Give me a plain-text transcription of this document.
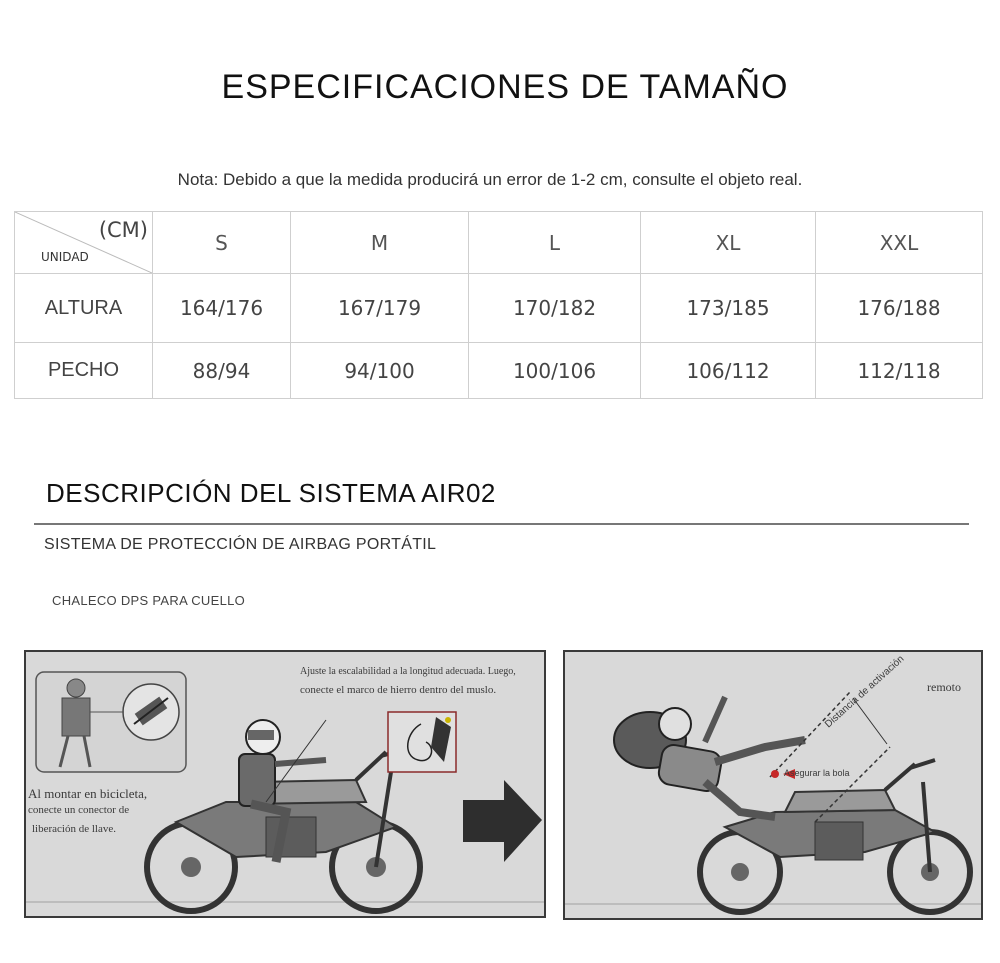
ESPECIFICACIONES DE TAMAÑO
Nota: Debido a que la medida producirá un error de 1-2 cm, consulte el objeto real.
(CM)
UNIDAD	S	M	L	XL	XXL
ALTURA	164/176	167/179	170/182	173/185	176/188
PECHO	88/94	94/100	100/106	106/112	112/118
DESCRIPCIÓN DEL SISTEMA AIR02
SISTEMA DE PROTECCIÓN DE AIRBAG PORTÁTIL
CHALECO DPS PARA CUELLO
Ajuste la escalabilidad a la longitud adecuada. Luego,
conecte el marco de hierro dentro del muslo.
Al montar en bicicleta,
conecte un conector de
liberación de llave.
remoto
Distancia de activación
Asegurar la bola
